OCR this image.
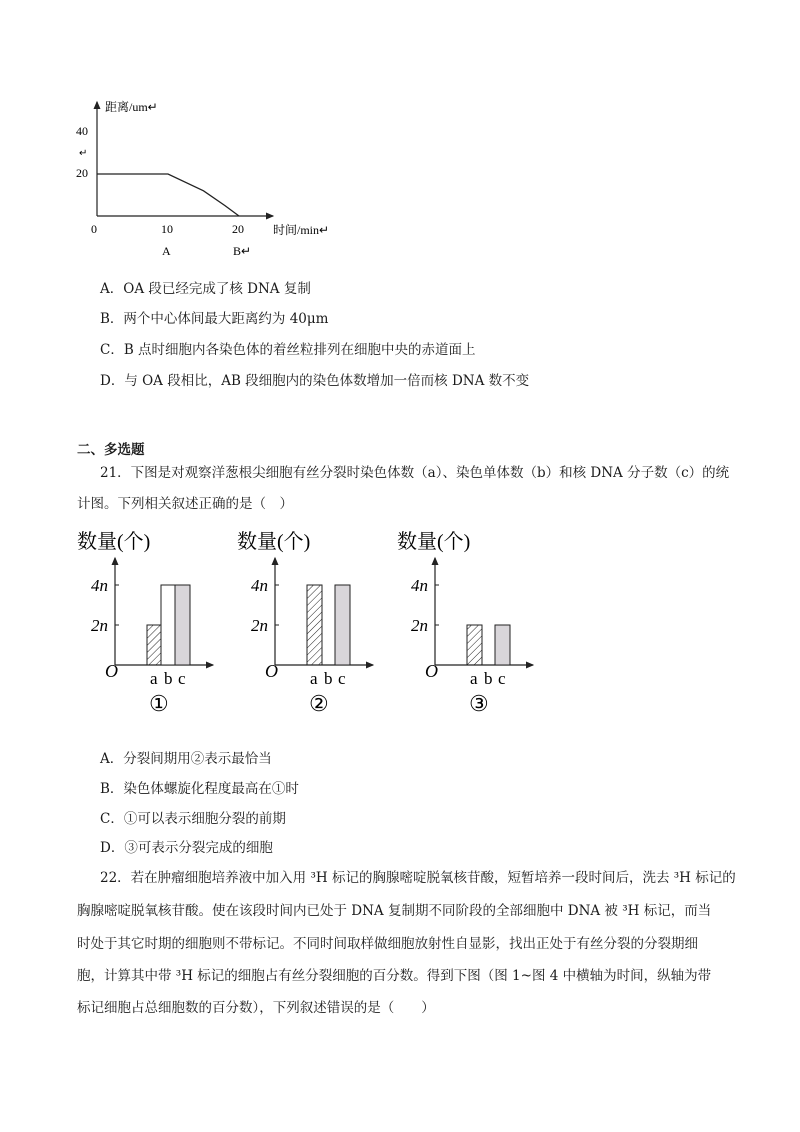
距离/um↵
时间/min↵
40
↵
20
0	10	20
A	B↵
A．OA 段已经完成了核 DNA 复制
B．两个中心体间最大距离约为 40μm
C．B 点时细胞内各染色体的着丝粒排列在细胞中央的赤道面上
D．与 OA 段相比，AB 段细胞内的染色体数增加一倍而核 DNA 数不变
二、多选题
21．下图是对观察洋葱根尖细胞有丝分裂时染色体数（a）、染色单体数（b）和核 DNA 分子数（c）的统
计图。下列相关叙述正确的是（　）
数量(个)
4n
2n
O a b c
①
数量(个)
4n
2n
O a b c
②
数量(个)
4n
2n
O a b c
③
A．分裂间期用②表示最恰当
B．染色体螺旋化程度最高在①时
C．①可以表示细胞分裂的前期
D．③可表示分裂完成的细胞
22．若在肿瘤细胞培养液中加入用 ³H 标记的胸腺嘧啶脱氧核苷酸，短暂培养一段时间后，洗去 ³H 标记的
胸腺嘧啶脱氧核苷酸。使在该段时间内已处于 DNA 复制期不同阶段的全部细胞中 DNA 被 ³H 标记，而当
时处于其它时期的细胞则不带标记。不同时间取样做细胞放射性自显影，找出正处于有丝分裂的分裂期细
胞，计算其中带 ³H 标记的细胞占有丝分裂细胞的百分数。得到下图（图 1~图 4 中横轴为时间，纵轴为带
标记细胞占总细胞数的百分数），下列叙述错误的是（　　）
